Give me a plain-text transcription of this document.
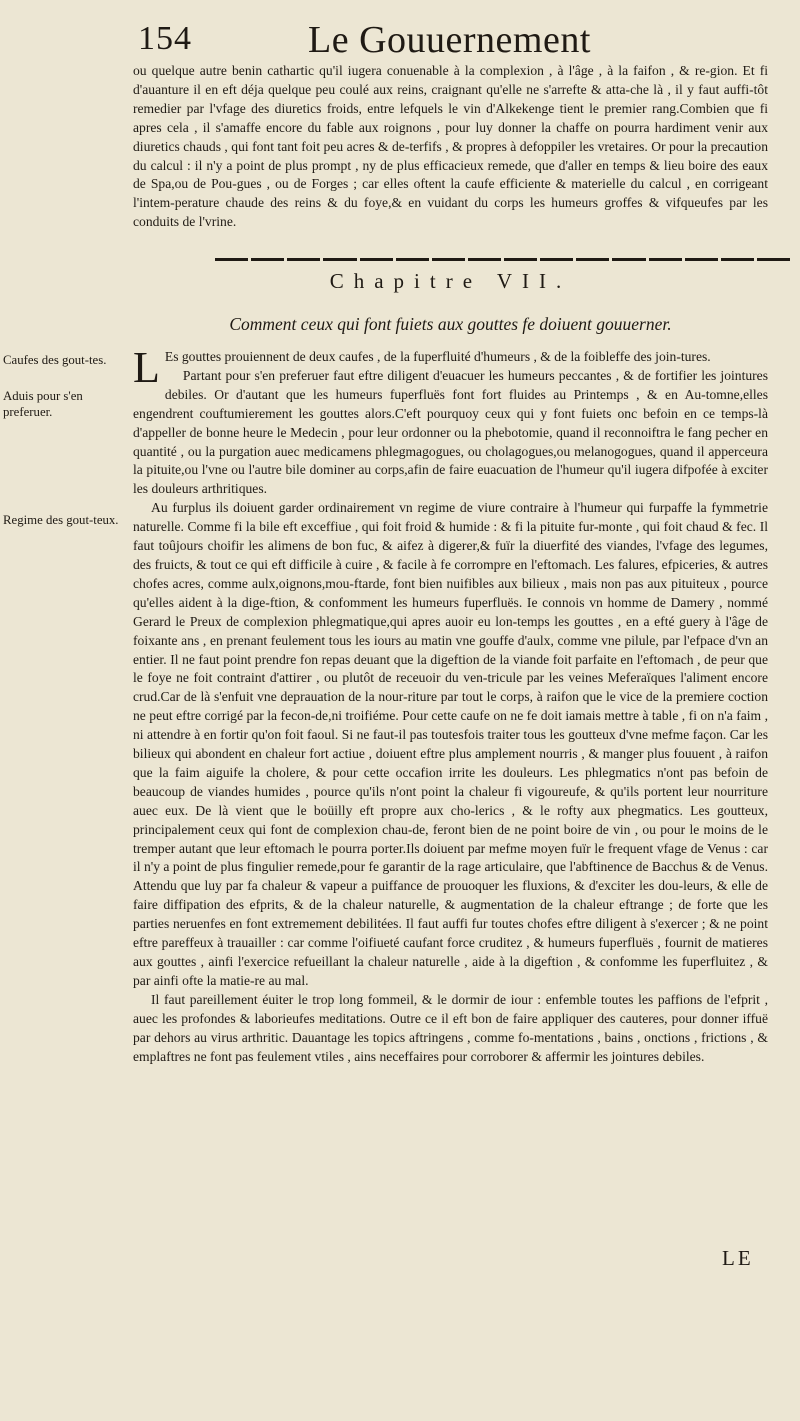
154	Le Gouuernement

ou quelque autre benin cathartic qu'il iugera conuenable à la complexion , à l'âge , à la faifon , & re-gion. Et fi d'auanture il en eft déja quelque peu coulé aux reins, craignant qu'elle ne s'arrefte & atta-che là , il y faut auffi-tôt remedier par l'vfage des diuretics froids, entre lefquels le vin d'Alkekenge tient le premier rang.Combien que fi apres cela , il s'amaffe encore du fable aux roignons , pour luy donner la chaffe on pourra hardiment venir aux diuretics chauds , qui font tant foit peu acres & de-terfifs , & propres à defoppiler les vretaires. Or pour la precaution du calcul : il n'y a point de plus prompt , ny de plus efficacieux remede, que d'aller en temps & lieu boire des eaux de Spa,ou de Pou-gues , ou de Forges ; car elles oftent la caufe efficiente & materielle du calcul , en corrigeant l'intem-perature chaude des reins & du foye,& en vuidant du corps les humeurs groffes & vifqueufes par les conduits de l'vrine.

Chapitre VII.
Comment ceux qui font fuiets aux gouttes fe doiuent gouuerner.
Caufes des gout-tes.
Aduis pour s'en preferuer.
Regime des gout-teux.

L Es gouttes prouiennent de deux caufes , de la fuperfluité d'humeurs , & de la foibleffe des join-tures.

Partant pour s'en preferuer faut eftre diligent d'euacuer les humeurs peccantes , & de fortifier les jointures debiles. Or d'autant que les humeurs fuperfluës font fort fluides au Printemps , & en Au-tomne,elles engendrent couftumierement les gouttes alors.C'eft pourquoy ceux qui y font fuiets onc befoin en ce temps-là d'appeller de bonne heure le Medecin , pour leur ordonner ou la phebotomie, quand il reconnoiftra le fang pecher en quantité , ou la purgation auec medicamens phlegmagogues, ou cholagogues,ou melanogogues, quand il apperceura la pituite,ou l'vne ou l'autre bile dominer au corps,afin de faire euacuation de l'humeur qu'il iugera difpofée à exciter les douleurs arthritiques.

Au furplus ils doiuent garder ordinairement vn regime de viure contraire à l'humeur qui furpaffe la fymmetrie naturelle. Comme fi la bile eft exceffiue , qui foit froid & humide : & fi la pituite fur-monte , qui foit chaud & fec. Il faut toûjours choifir les alimens de bon fuc, & aifez à digerer,& fuïr la diuerfité des viandes, l'vfage des legumes, des fruicts, & tout ce qui eft difficile à cuire , & facile à fe corrompre en l'eftomach. Les falures, efpiceries, & autres chofes acres, comme aulx,oignons,mou-ftarde, font bien nuifibles aux bilieux , mais non pas aux pituiteux , pource qu'elles aident à la dige-ftion, & confomment les humeurs fuperfluës. Ie connois vn homme de Damery , nommé Gerard le Preux de complexion phlegmatique,qui apres auoir eu lon-temps les gouttes , en a efté guery à l'âge de foixante ans , en prenant feulement tous les iours au matin vne gouffe d'aulx, comme vne pilule, par l'efpace d'vn an entier. Il ne faut point prendre fon repas deuant que la digeftion de la viande foit parfaite en l'eftomach , de peur que le foye ne foit contraint d'attirer , ou plutôt de receuoir du ven-tricule par les veines Meferaïques l'aliment encore crud.Car de là s'enfuit vne deprauation de la nour-riture par tout le corps, à raifon que le vice de la premiere coction ne peut eftre corrigé par la fecon-de,ni troifiéme. Pour cette caufe on ne fe doit iamais mettre à table , fi on n'a faim , ni attendre à en fortir qu'on foit faoul. Si ne faut-il pas toutesfois traiter tous les goutteux d'vne mefme façon. Car les bilieux qui abondent en chaleur fort actiue , doiuent eftre plus amplement nourris , & manger plus fouuent , à raifon que la faim aiguife la cholere, & pour cette occafion irrite les douleurs. Les phlegmatics n'ont pas befoin de beaucoup de viandes humides , pource qu'ils n'ont point la chaleur fi vigoureufe, & qu'ils portent leur nourriture auec eux. De là vient que le boüilly eft propre aux cho-lerics , & le rofty aux phegmatics. Les goutteux, principalement ceux qui font de complexion chau-de, feront bien de ne point boire de vin , ou pour le moins de le tremper autant que leur eftomach le pourra porter.Ils doiuent par mefme moyen fuïr le frequent vfage de Venus : car il n'y a point de plus fingulier remede,pour fe garantir de la rage articulaire, que l'abftinence de Bacchus & de Venus. Attendu que luy par fa chaleur & vapeur a puiffance de prouoquer les fluxions, & d'exciter les dou-leurs, & elle de faire diffipation des efprits, & de la chaleur naturelle, & augmentation de la chaleur eftrange ; de forte que les parties neruenfes en font extremement debilitées. Il faut auffi fur toutes chofes eftre diligent à s'exercer ; & ne point eftre pareffeux à trauailler : car comme l'oifiueté caufant force cruditez , & humeurs fuperfluës , fournit de matieres aux gouttes , ainfi l'exercice refueillant la chaleur naturelle , aide à la digeftion , & confomme les fuperfluitez , & par ainfi ofte la matie-re au mal.

Il faut pareillement éuiter le trop long fommeil, & le dormir de iour : enfemble toutes les paffions de l'efprit , auec les profondes & laborieufes meditations. Outre ce il eft bon de faire appliquer des cauteres, pour donner iffuë par dehors au virus arthritic. Dauantage les topics aftringens , comme fo-mentations , bains , onctions , frictions , & emplaftres ne font pas feulement vtiles , ains neceffaires pour corroborer & affermir les jointures debiles.

LE
